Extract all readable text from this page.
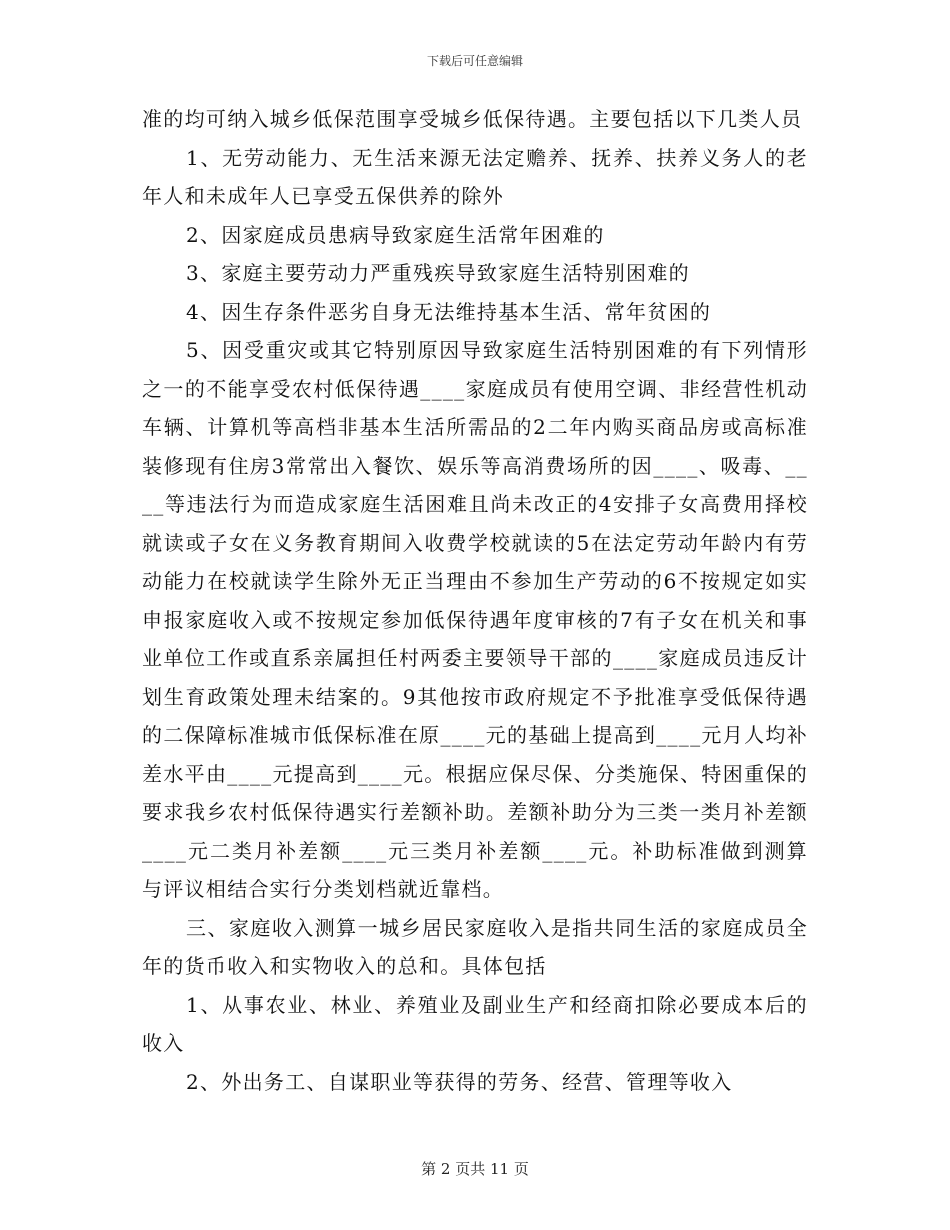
下载后可任意编辑

准的均可纳入城乡低保范围享受城乡低保待遇。主要包括以下几类人员

1、无劳动能力、无生活来源无法定赡养、抚养、扶养义务人的老年人和未成年人已享受五保供养的除外

2、因家庭成员患病导致家庭生活常年困难的

3、家庭主要劳动力严重残疾导致家庭生活特别困难的

4、因生存条件恶劣自身无法维持基本生活、常年贫困的

5、因受重灾或其它特别原因导致家庭生活特别困难的有下列情形之一的不能享受农村低保待遇____家庭成员有使用空调、非经营性机动车辆、计算机等高档非基本生活所需品的2二年内购买商品房或高标准装修现有住房3常常出入餐饮、娱乐等高消费场所的因____、吸毒、____等违法行为而造成家庭生活困难且尚未改正的4安排子女高费用择校就读或子女在义务教育期间入收费学校就读的5在法定劳动年龄内有劳动能力在校就读学生除外无正当理由不参加生产劳动的6不按规定如实申报家庭收入或不按规定参加低保待遇年度审核的7有子女在机关和事业单位工作或直系亲属担任村两委主要领导干部的____家庭成员违反计划生育政策处理未结案的。9其他按市政府规定不予批准享受低保待遇的二保障标准城市低保标准在原____元的基础上提高到____元月人均补差水平由____元提高到____元。根据应保尽保、分类施保、特困重保的要求我乡农村低保待遇实行差额补助。差额补助分为三类一类月补差额____元二类月补差额____元三类月补差额____元。补助标准做到测算与评议相结合实行分类划档就近靠档。

三、家庭收入测算一城乡居民家庭收入是指共同生活的家庭成员全年的货币收入和实物收入的总和。具体包括

1、从事农业、林业、养殖业及副业生产和经商扣除必要成本后的收入

2、外出务工、自谋职业等获得的劳务、经营、管理等收入

第 2 页共 11 页
